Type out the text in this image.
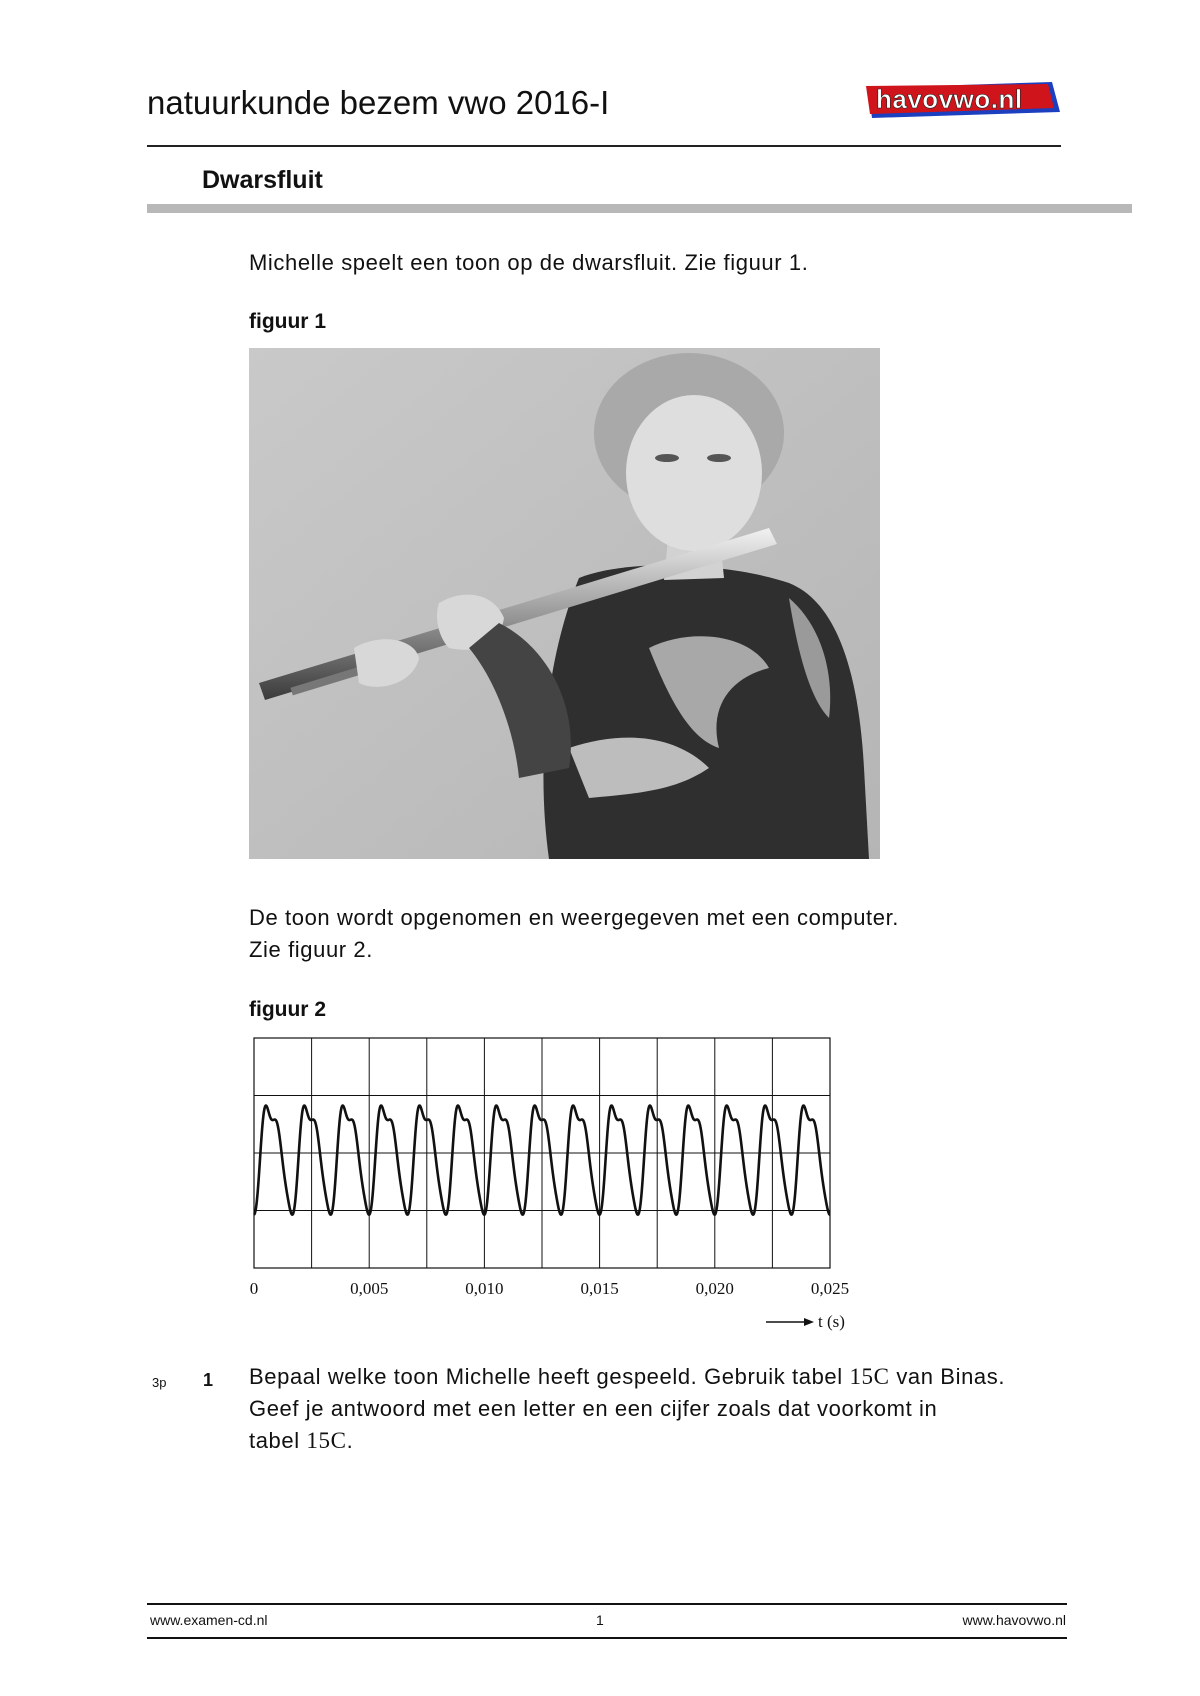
natuurkunde bezem vwo 2016-I	havovwo.nl
Dwarsfluit
Michelle speelt een toon op de dwarsfluit. Zie figuur 1.
figuur 1
De toon wordt opgenomen en weergegeven met een computer.
Zie figuur 2.
figuur 2
0	0,005	0,010	0,015	0,020	0,025
t (s)
3p 1 Bepaal welke toon Michelle heeft gespeeld. Gebruik tabel 15C van Binas.
Geef je antwoord met een letter en een cijfer zoals dat voorkomt in
tabel 15C.
www.examen-cd.nl	1	www.havovwo.nl
